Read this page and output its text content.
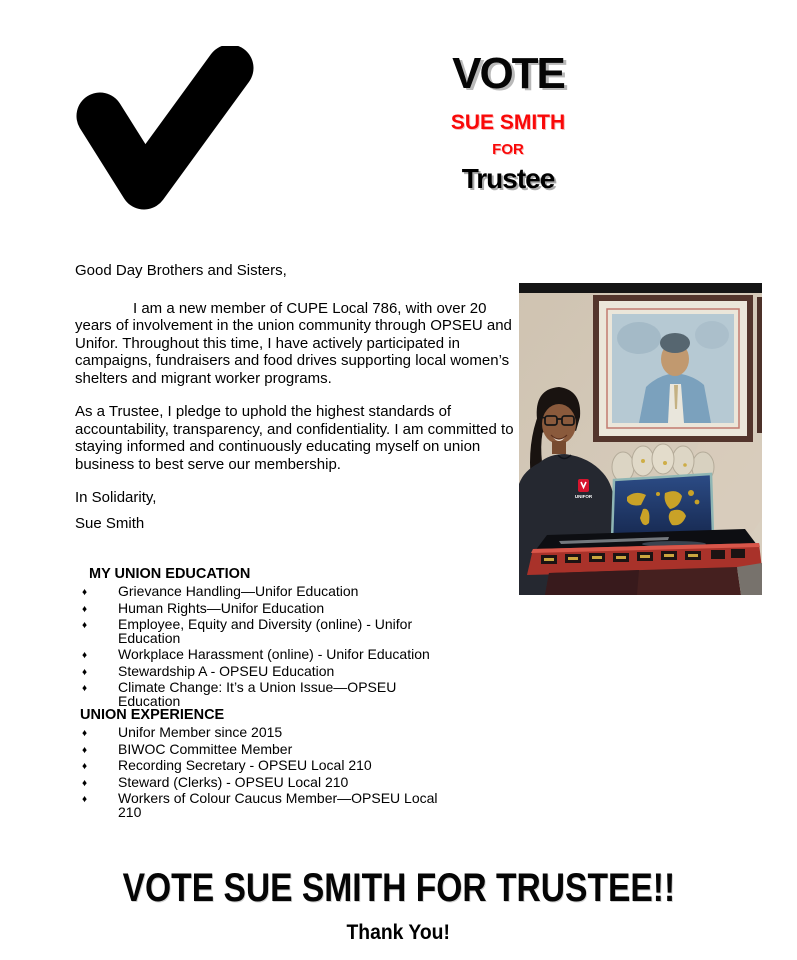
VOTE
SUE SMITH
FOR
Trustee

Good Day Brothers and Sisters,

I am a new member of CUPE Local 786, with over 20 years of involvement in the union community through OPSEU and Unifor. Throughout this time, I have actively participated in campaigns, fundraisers and food drives supporting local women’s shelters and migrant worker programs.

As a Trustee, I pledge to uphold the highest standards of accountability, transparency, and confidentiality. I am committed to staying informed and continuously educating myself on union business to best serve our membership.

In Solidarity,

Sue Smith

MY UNION EDUCATION
♦ Grievance Handling—Unifor Education
♦ Human Rights—Unifor Education
♦ Employee, Equity and Diversity (online) - Unifor Education
♦ Workplace Harassment (online) - Unifor Education
♦ Stewardship A - OPSEU Education
♦ Climate Change: It’s a Union Issue—OPSEU Education
UNION EXPERIENCE
♦ Unifor Member since 2015
♦ BIWOC Committee Member
♦ Recording Secretary - OPSEU Local 210
♦ Steward (Clerks) - OPSEU Local 210
♦ Workers of Colour Caucus Member—OPSEU Local 210
UNIFOR
VOTE SUE SMITH FOR TRUSTEE!!
Thank You!
